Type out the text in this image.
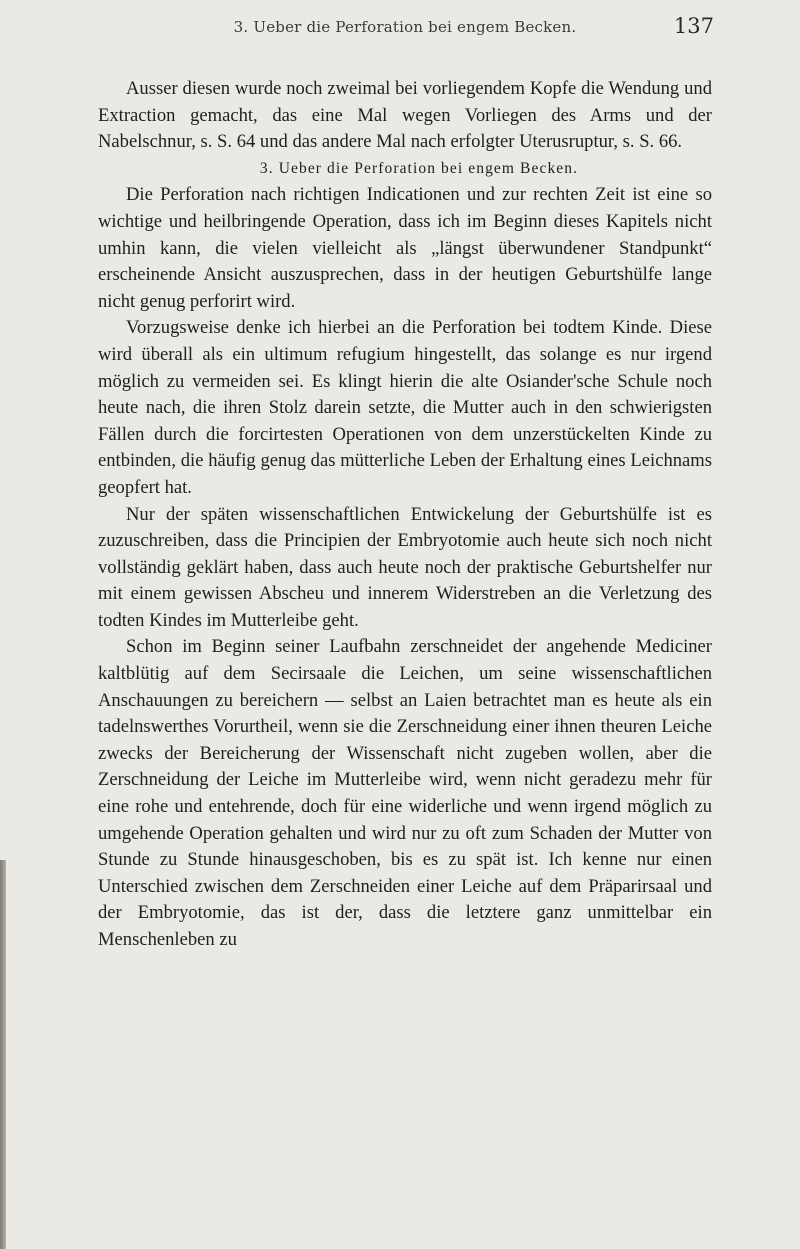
3. Ueber die Perforation bei engem Becken.	137

Ausser diesen wurde noch zweimal bei vorliegendem Kopfe die Wendung und Extraction gemacht, das eine Mal wegen Vorliegen des Arms und der Nabelschnur, s. S. 64 und das andere Mal nach erfolgter Uterusruptur, s. S. 66.

3. Ueber die Perforation bei engem Becken.

Die Perforation nach richtigen Indicationen und zur rechten Zeit ist eine so wichtige und heilbringende Operation, dass ich im Beginn dieses Kapitels nicht umhin kann, die vielen vielleicht als „längst überwundener Standpunkt“ erscheinende Ansicht auszusprechen, dass in der heutigen Geburtshülfe lange nicht genug perforirt wird.

Vorzugsweise denke ich hierbei an die Perforation bei todtem Kinde. Diese wird überall als ein ultimum refugium hingestellt, das solange es nur irgend möglich zu vermeiden sei. Es klingt hierin die alte Osiander'sche Schule noch heute nach, die ihren Stolz darein setzte, die Mutter auch in den schwierigsten Fällen durch die forcirtesten Operationen von dem unzerstückelten Kinde zu entbinden, die häufig genug das mütterliche Leben der Erhaltung eines Leichnams geopfert hat.

Nur der späten wissenschaftlichen Entwickelung der Geburtshülfe ist es zuzuschreiben, dass die Principien der Embryotomie auch heute sich noch nicht vollständig geklärt haben, dass auch heute noch der praktische Geburtshelfer nur mit einem gewissen Abscheu und innerem Widerstreben an die Verletzung des todten Kindes im Mutterleibe geht.

Schon im Beginn seiner Laufbahn zerschneidet der angehende Mediciner kaltblütig auf dem Secirsaale die Leichen, um seine wissenschaftlichen Anschauungen zu bereichern — selbst an Laien betrachtet man es heute als ein tadelnswerthes Vorurtheil, wenn sie die Zerschneidung einer ihnen theuren Leiche zwecks der Bereicherung der Wissenschaft nicht zugeben wollen, aber die Zerschneidung der Leiche im Mutterleibe wird, wenn nicht geradezu mehr für eine rohe und entehrende, doch für eine widerliche und wenn irgend möglich zu umgehende Operation gehalten und wird nur zu oft zum Schaden der Mutter von Stunde zu Stunde hinausgeschoben, bis es zu spät ist. Ich kenne nur einen Unterschied zwischen dem Zerschneiden einer Leiche auf dem Präparirsaal und der Embryotomie, das ist der, dass die letztere ganz unmittelbar ein Menschenleben zu
